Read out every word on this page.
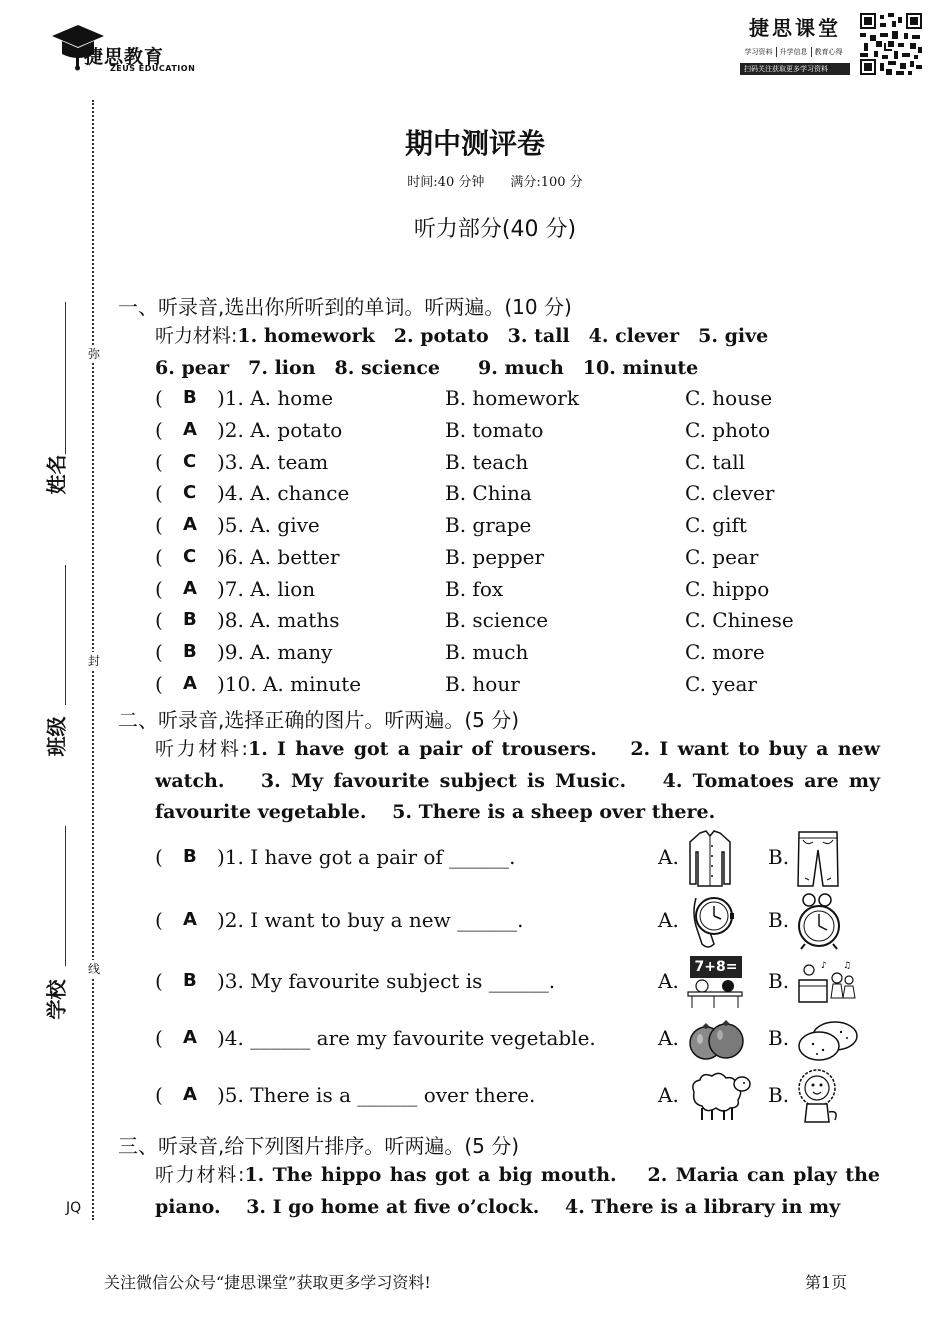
捷思教育
ZEUS EDUCATION
捷思课堂
学习资料	升学信息	教育心得
扫码关注获取更多学习资料
姓名
班级
学校
弥
封
线
JQ
期中测评卷
时间:40 分钟　　满分:100 分
听力部分(40 分)
一、听录音,选出你所听到的单词。听两遍。(10 分)
听力材料:1. homework　2. potato　3. tall　4. clever　5. give
6. pear　7. lion　8. science　　9. much　10. minute
( B )1. A. home	B. homework	C. house
( A )2. A. potato	B. tomato	C. photo
( C )3. A. team	B. teach	C. tall
( C )4. A. chance	B. China	C. clever
( A )5. A. give	B. grape	C. gift
( C )6. A. better	B. pepper	C. pear
( A )7. A. lion	B. fox	C. hippo
( B )8. A. maths	B. science	C. Chinese
( B )9. A. many	B. much	C. more
( A )10. A. minute	B. hour	C. year
二、听录音,选择正确的图片。听两遍。(5 分)
听力材料:1. I have got a pair of trousers.　 2. I want to buy a new watch.　 3. My favourite subject is Music.　 4. Tomatoes are my favourite vegetable.　 5. There is a sheep over there.
( B )1. I have got a pair of ______.	A.	B.
( A )2. I want to buy a new ______.	A.	B.
( B )3. My favourite subject is ______.	A.	B.
( A )4. ______ are my favourite vegetable.	A.	B.
( A )5. There is a ______ over there.	A.	B.
7+8=	♪ ♫
三、听录音,给下列图片排序。听两遍。(5 分)
听力材料:1. The hippo has got a big mouth.　 2. Maria can play the piano.　 3. I go home at five o’clock.　 4. There is a library in my
关注微信公众号“捷思课堂”获取更多学习资料!	第1页
